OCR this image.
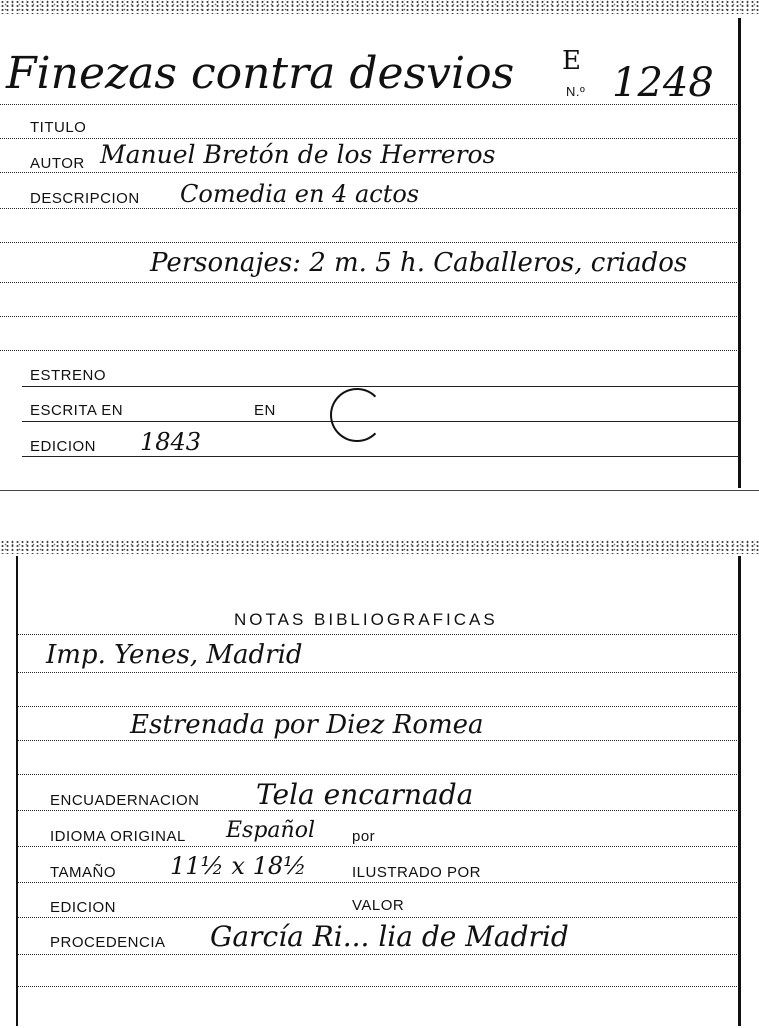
Finezas contra desvios E
N.º 1248
TITULO
AUTOR Manuel Bretón de los Herreros
DESCRIPCION Comedia en 4 actos
Personajes: 2 m. 5 h. Caballeros, criados
ESTRENO
ESCRITA EN	EN
EDICION 1843
NOTAS BIBLIOGRAFICAS
Imp. Yenes, Madrid
Estrenada por Diez Romea
ENCUADERNACION Tela encarnada
IDIOMA ORIGINAL Español por
TAMAÑO 11½ x 18½	ILUSTRADO POR
EDICION	VALOR
PROCEDENCIA García Ri... lia de Madrid
